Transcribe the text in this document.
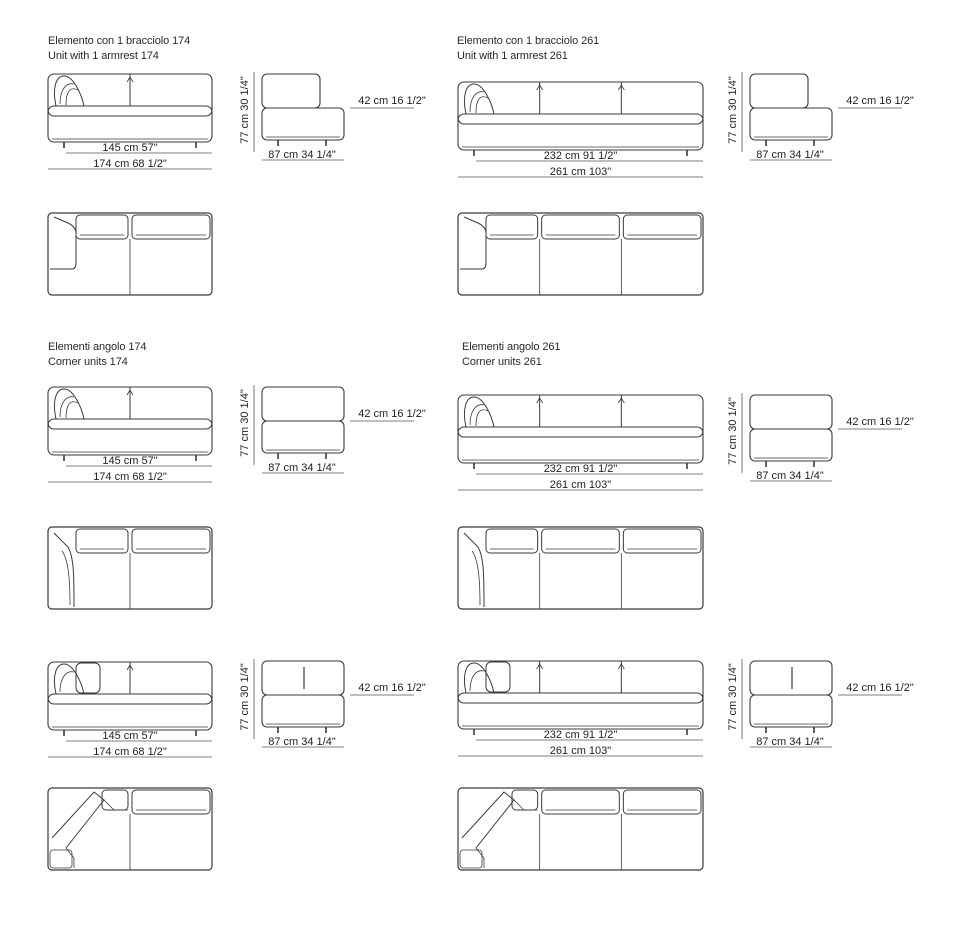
Elemento con 1 bracciolo 174
Unit with 1 armrest 174
Elemento con 1 bracciolo 261
Unit with 1 armrest 261
Elementi angolo 174
Corner units 174
Elementi angolo 261
Corner units 261
145 cm 57"
174 cm 68 1/2"
77 cm 30 1/4"
87 cm 34 1/4"
42 cm 16 1/2"
145 cm 57"
174 cm 68 1/2"
77 cm 30 1/4"
87 cm 34 1/4"
42 cm 16 1/2"
145 cm 57"
174 cm 68 1/2"
77 cm 30 1/4"
87 cm 34 1/4"
42 cm 16 1/2"
232 cm 91 1/2"
261 cm 103"
77 cm 30 1/4"
87 cm 34 1/4"
42 cm 16 1/2"
232 cm 91 1/2"
261 cm 103"
77 cm 30 1/4"
87 cm 34 1/4"
42 cm 16 1/2"
232 cm 91 1/2"
261 cm 103"
77 cm 30 1/4"
87 cm 34 1/4"
42 cm 16 1/2"
